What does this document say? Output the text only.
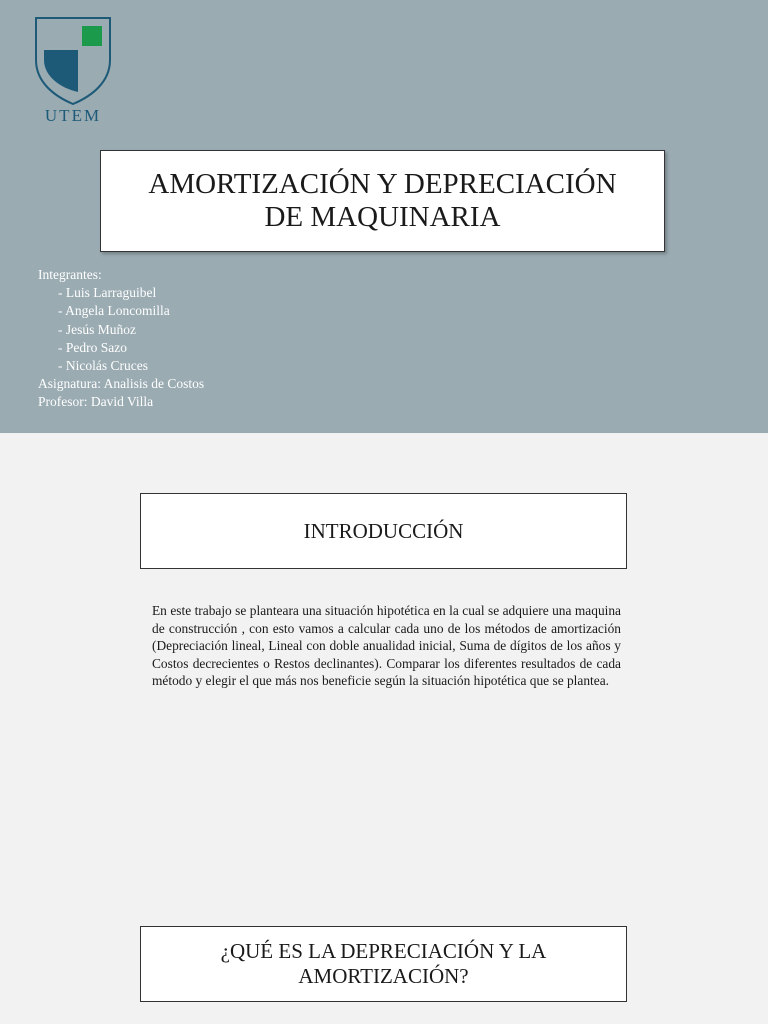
UTEM
AMORTIZACIÓN Y DEPRECIACIÓN
DE MAQUINARIA
Integrantes:
- Luis Larraguibel
- Angela Loncomilla
- Jesús Muñoz
- Pedro Sazo
- Nicolás Cruces
Asignatura: Analisis de Costos
Profesor: David Villa
INTRODUCCIÓN
En este trabajo se planteara una situación hipotética en la cual se adquiere una maquina de construcción , con esto vamos a calcular cada uno de los métodos de amortización (Depreciación lineal, Lineal con doble anualidad inicial, Suma de dígitos de los años y Costos decrecientes o Restos declinantes). Comparar los diferentes resultados de cada método y elegir el que más nos beneficie según la situación hipotética que se plantea.
¿QUÉ ES LA DEPRECIACIÓN Y LA
AMORTIZACIÓN?
